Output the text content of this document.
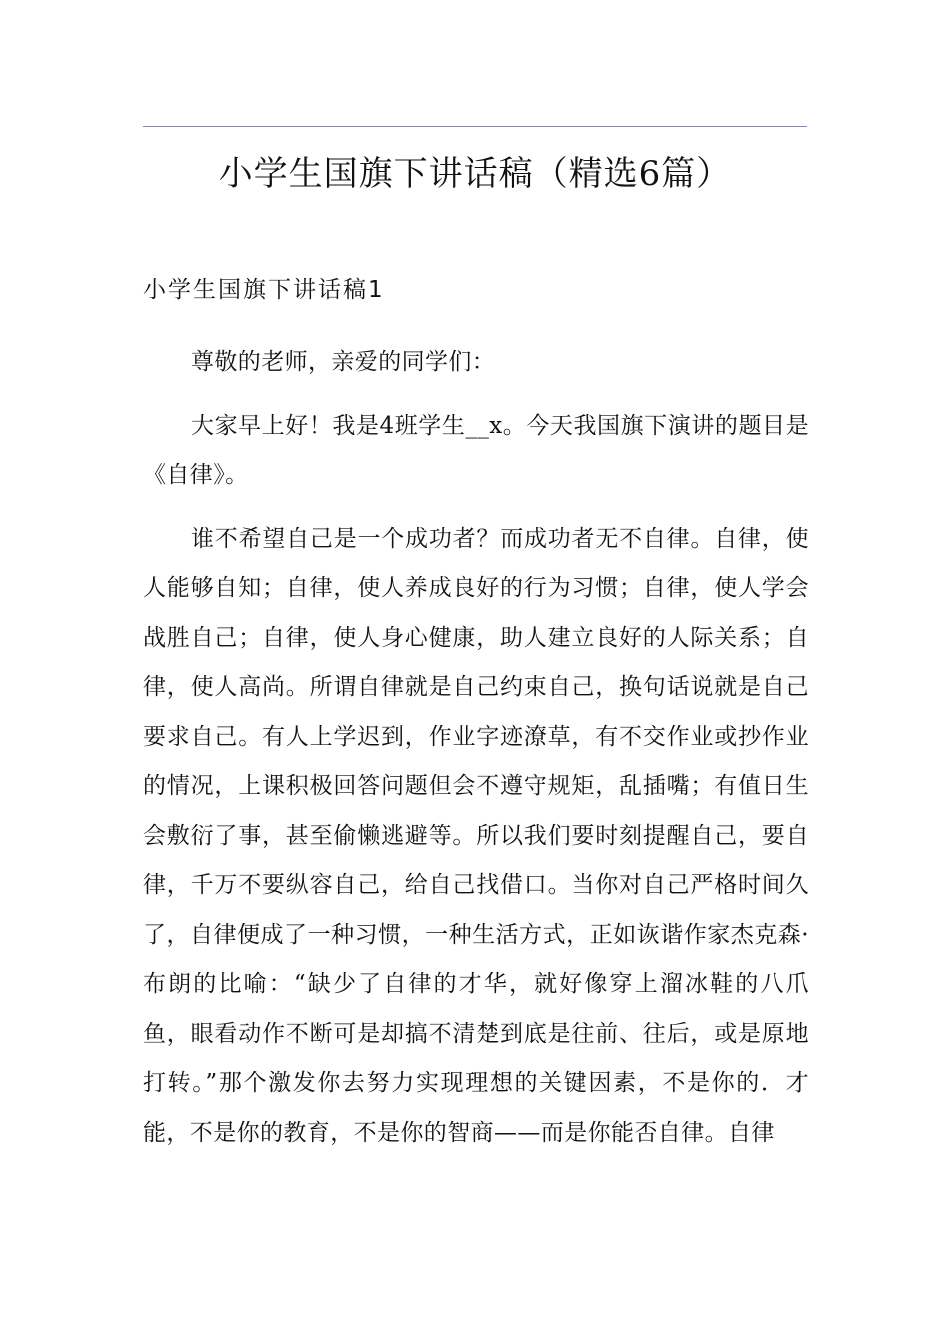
小学生国旗下讲话稿（精选6篇）
小学生国旗下讲话稿1

尊敬的老师，亲爱的同学们：

大家早上好！我是4班学生__x。今天我国旗下演讲的题目是《自律》。

谁不希望自己是一个成功者？而成功者无不自律。自律，使人能够自知；自律，使人养成良好的行为习惯；自律，使人学会战胜自己；自律，使人身心健康，助人建立良好的人际关系；自律，使人高尚。所谓自律就是自己约束自己，换句话说就是自己要求自己。有人上学迟到，作业字迹潦草，有不交作业或抄作业的情况，上课积极回答问题但会不遵守规矩，乱插嘴；有值日生会敷衍了事，甚至偷懒逃避等。所以我们要时刻提醒自己，要自律，千万不要纵容自己，给自己找借口。当你对自己严格时间久了，自律便成了一种习惯，一种生活方式，正如诙谐作家杰克森·布朗的比喻：“缺少了自律的才华，就好像穿上溜冰鞋的八爪鱼，眼看动作不断可是却搞不清楚到底是往前、往后，或是原地打转。”那个激发你去努力实现理想的关键因素，不是你的．才能，不是你的教育，不是你的智商——而是你能否自律。自律
